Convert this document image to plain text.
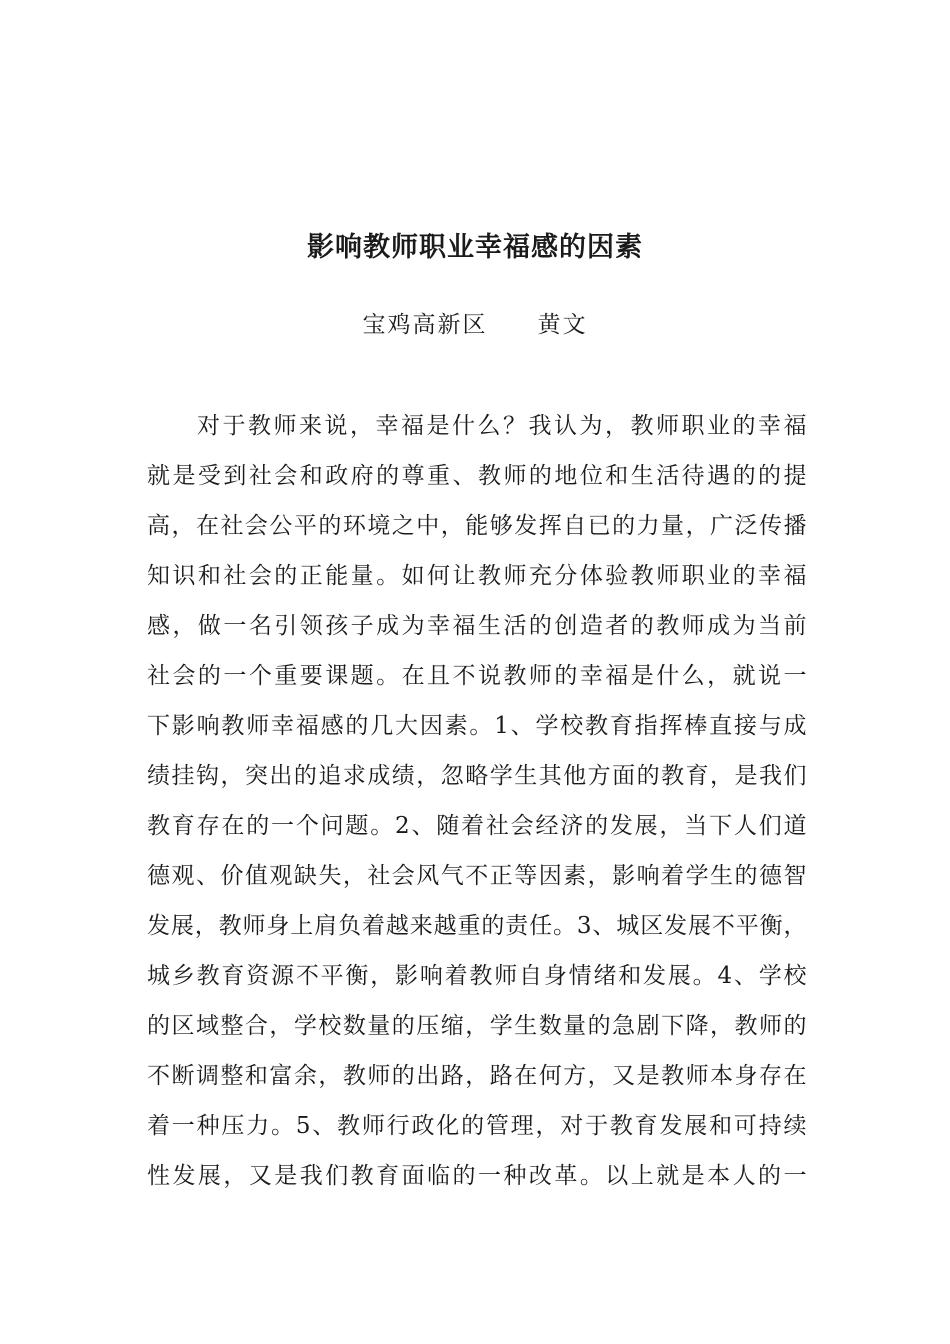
影响教师职业幸福感的因素
宝鸡高新区 黄文
对于教师来说，幸福是什么？我认为，教师职业的幸福
就是受到社会和政府的尊重、教师的地位和生活待遇的的提
高，在社会公平的环境之中，能够发挥自已的力量，广泛传播
知识和社会的正能量。如何让教师充分体验教师职业的幸福
感，做一名引领孩子成为幸福生活的创造者的教师成为当前
社会的一个重要课题。在且不说教师的幸福是什么，就说一
下影响教师幸福感的几大因素。1、学校教育指挥棒直接与成
绩挂钩，突出的追求成绩，忽略学生其他方面的教育，是我们
教育存在的一个问题。2、随着社会经济的发展，当下人们道
德观、价值观缺失，社会风气不正等因素，影响着学生的德智
发展，教师身上肩负着越来越重的责任。3、城区发展不平衡，
城乡教育资源不平衡，影响着教师自身情绪和发展。4、学校
的区域整合，学校数量的压缩，学生数量的急剧下降，教师的
不断调整和富余，教师的出路，路在何方，又是教师本身存在
着一种压力。5、教师行政化的管理，对于教育发展和可持续
性发展，又是我们教育面临的一种改革。以上就是本人的一
